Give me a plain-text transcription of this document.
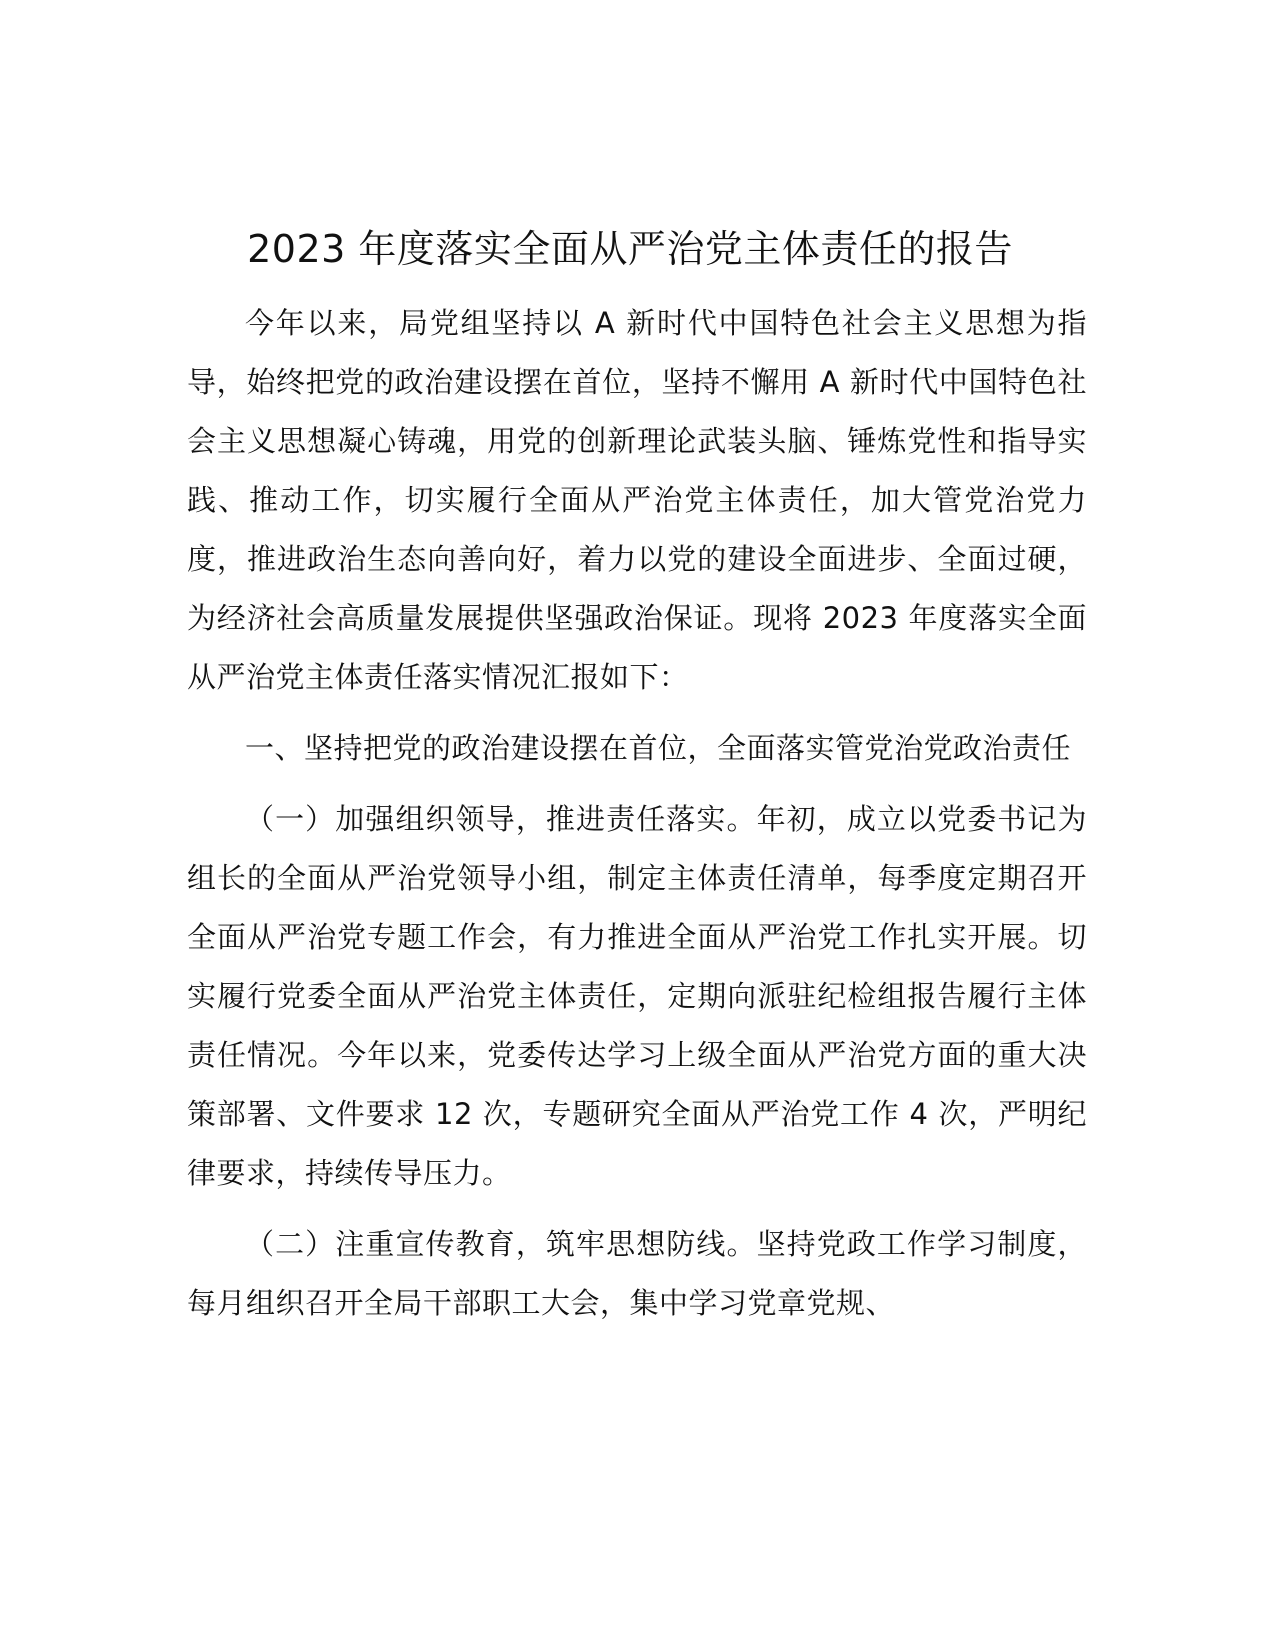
2023 年度落实全面从严治党主体责任的报告

今年以来，局党组坚持以 A 新时代中国特色社会主义思想为指导，始终把党的政治建设摆在首位，坚持不懈用 A 新时代中国特色社会主义思想凝心铸魂，用党的创新理论武装头脑、锤炼党性和指导实践、推动工作，切实履行全面从严治党主体责任，加大管党治党力度，推进政治生态向善向好，着力以党的建设全面进步、全面过硬，为经济社会高质量发展提供坚强政治保证。现将 2023 年度落实全面从严治党主体责任落实情况汇报如下：

一、坚持把党的政治建设摆在首位，全面落实管党治党政治责任

（一）加强组织领导，推进责任落实。年初，成立以党委书记为组长的全面从严治党领导小组，制定主体责任清单，每季度定期召开全面从严治党专题工作会，有力推进全面从严治党工作扎实开展。切实履行党委全面从严治党主体责任，定期向派驻纪检组报告履行主体责任情况。今年以来，党委传达学习上级全面从严治党方面的重大决策部署、文件要求 12 次，专题研究全面从严治党工作 4 次，严明纪律要求，持续传导压力。

（二）注重宣传教育，筑牢思想防线。坚持党政工作学习制度，每月组织召开全局干部职工大会，集中学习党章党规、
